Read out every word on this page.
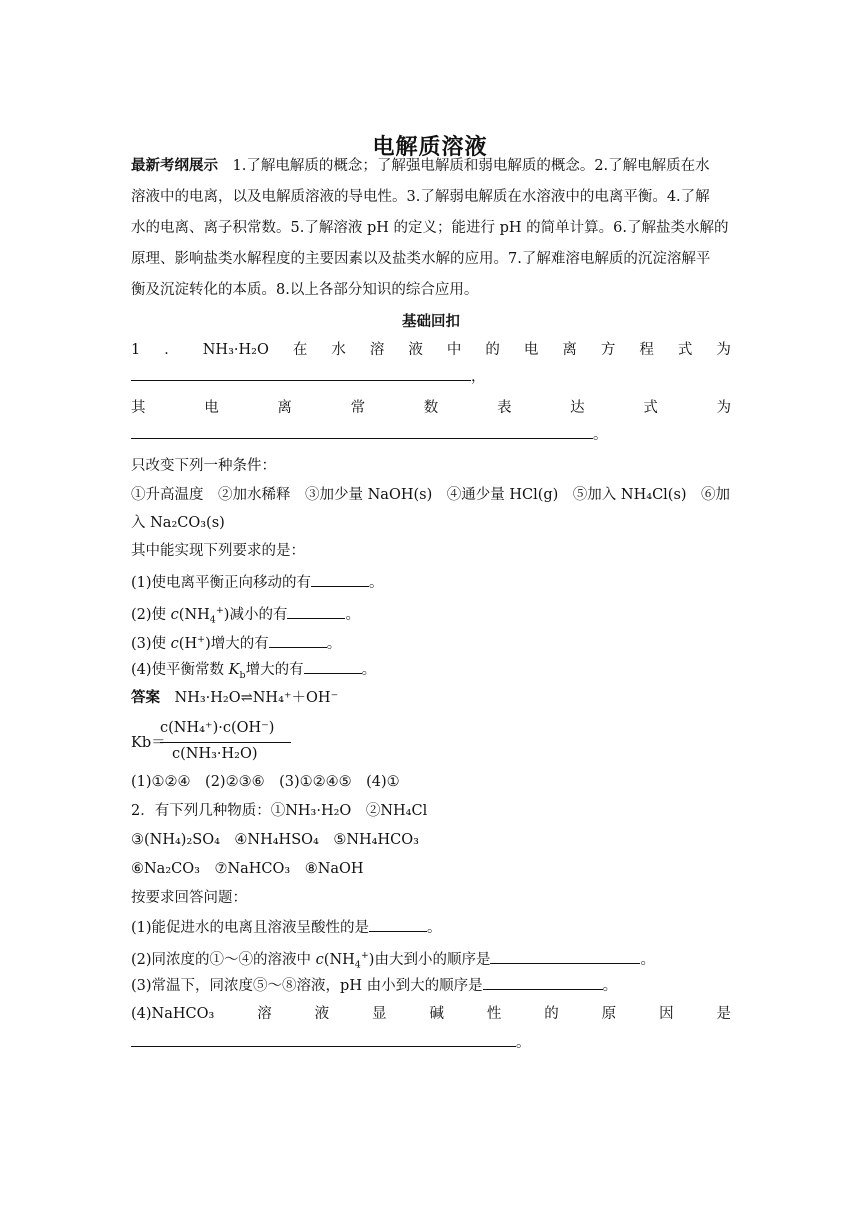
电解质溶液
最新考纲展示　 1.了解电解质的概念；了解强电解质和弱电解质的概念。2.了解电解质在水
溶液中的电离，以及电解质溶液的导电性。3.了解弱电解质在水溶液中的电离平衡。4.了解
水的电离、离子积常数。5.了解溶液 pH 的定义；能进行 pH 的简单计算。6.了解盐类水解的
原理、影响盐类水解程度的主要因素以及盐类水解的应用。7.了解难溶电解质的沉淀溶解平
衡及沉淀转化的本质。8.以上各部分知识的综合应用。
基础回扣
1 ． NH₃·H₂O 在 水 溶 液 中 的 电 离 方 程 式 为
，
其	电	离	常	数	表	达	式	为
。
只改变下列一种条件：
①升高温度　②加水稀释　③加少量 NaOH(s)　④通少量 HCl(g)　⑤加入 NH₄Cl(s)　⑥加
入 Na₂CO₃(s)
其中能实现下列要求的是：
(1)使电离平衡正向移动的有	。
(2)使 $c(NH_4^+)$减小的有	。
(3)使 c(H+)增大的有	。
(4)使平衡常数 $K_b$增大的有	。
答案　 NH₃·H₂O⇌NH₄⁺＋OH⁻
Kb＝
c(NH₄⁺)·c(OH⁻)
c(NH₃·H₂O)
(1)①②④　(2)②③⑥　(3)①②④⑤　(4)①
2．有下列几种物质：①NH₃·H₂O　②NH₄Cl
③(NH₄)₂SO₄　④NH₄HSO₄　⑤NH₄HCO₃
⑥Na₂CO₃　⑦NaHCO₃　⑧NaOH
按要求回答问题：
(1)能促进水的电离且溶液呈酸性的是	。
(2)同浓度的①～④的溶液中 $c(NH_4^+)$由大到小的顺序是	。
(3)常温下，同浓度⑤～⑧溶液，pH 由小到大的顺序是	。
(4)NaHCO₃	溶	液	显	碱	性	的	原	因	是
。
